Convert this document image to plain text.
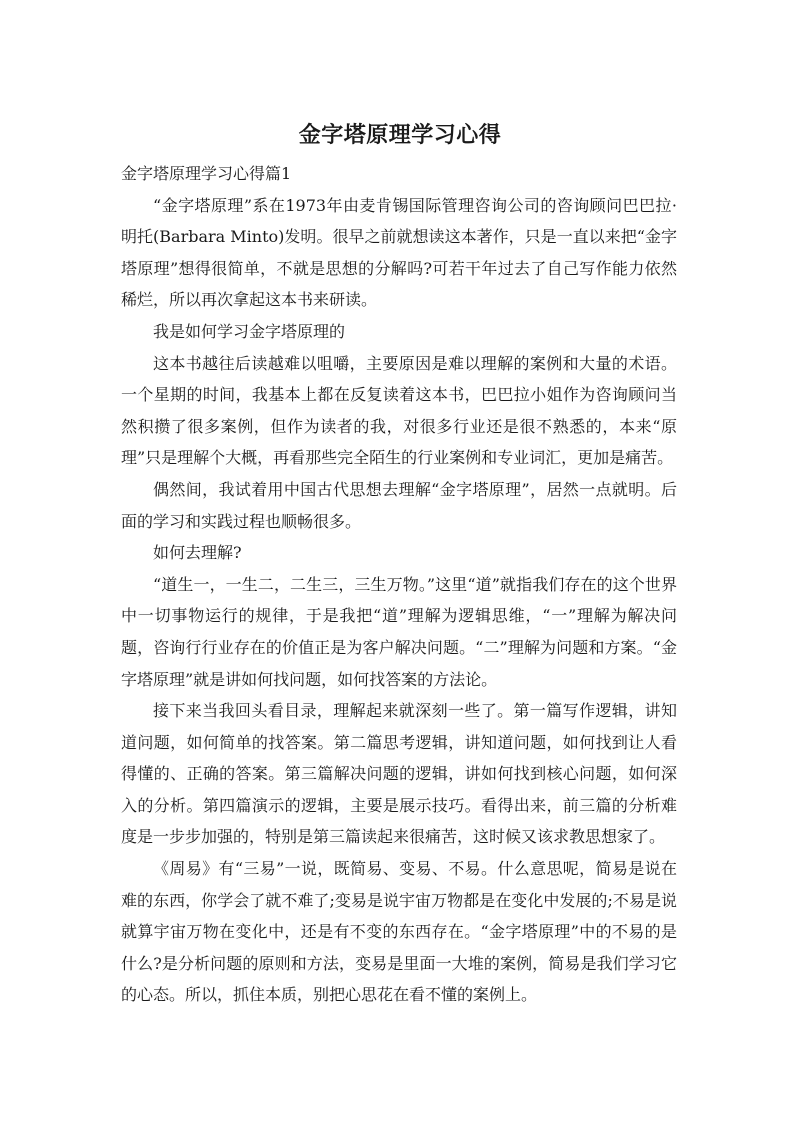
金字塔原理学习心得

金字塔原理学习心得篇1

“金字塔原理”系在1973年由麦肯锡国际管理咨询公司的咨询顾问巴巴拉·明托(Barbara Minto)发明。很早之前就想读这本著作，只是一直以来把“金字塔原理”想得很简单，不就是思想的分解吗?可若干年过去了自己写作能力依然稀烂，所以再次拿起这本书来研读。

我是如何学习金字塔原理的

这本书越往后读越难以咀嚼，主要原因是难以理解的案例和大量的术语。一个星期的时间，我基本上都在反复读着这本书，巴巴拉小姐作为咨询顾问当然积攒了很多案例，但作为读者的我，对很多行业还是很不熟悉的，本来“原理”只是理解个大概，再看那些完全陌生的行业案例和专业词汇，更加是痛苦。

偶然间，我试着用中国古代思想去理解“金字塔原理”，居然一点就明。后面的学习和实践过程也顺畅很多。

如何去理解?

“道生一，一生二，二生三，三生万物。”这里“道”就指我们存在的这个世界中一切事物运行的规律，于是我把“道”理解为逻辑思维，“一”理解为解决问题，咨询行行业存在的价值正是为客户解决问题。“二”理解为问题和方案。“金字塔原理”就是讲如何找问题，如何找答案的方法论。

接下来当我回头看目录，理解起来就深刻一些了。第一篇写作逻辑，讲知道问题，如何简单的找答案。第二篇思考逻辑，讲知道问题，如何找到让人看得懂的、正确的答案。第三篇解决问题的逻辑，讲如何找到核心问题，如何深入的分析。第四篇演示的逻辑，主要是展示技巧。看得出来，前三篇的分析难度是一步步加强的，特别是第三篇读起来很痛苦，这时候又该求教思想家了。

《周易》有“三易”一说，既简易、变易、不易。什么意思呢，简易是说在难的东西，你学会了就不难了;变易是说宇宙万物都是在变化中发展的;不易是说就算宇宙万物在变化中，还是有不变的东西存在。“金字塔原理”中的不易的是什么?是分析问题的原则和方法，变易是里面一大堆的案例，简易是我们学习它的心态。所以，抓住本质，别把心思花在看不懂的案例上。
